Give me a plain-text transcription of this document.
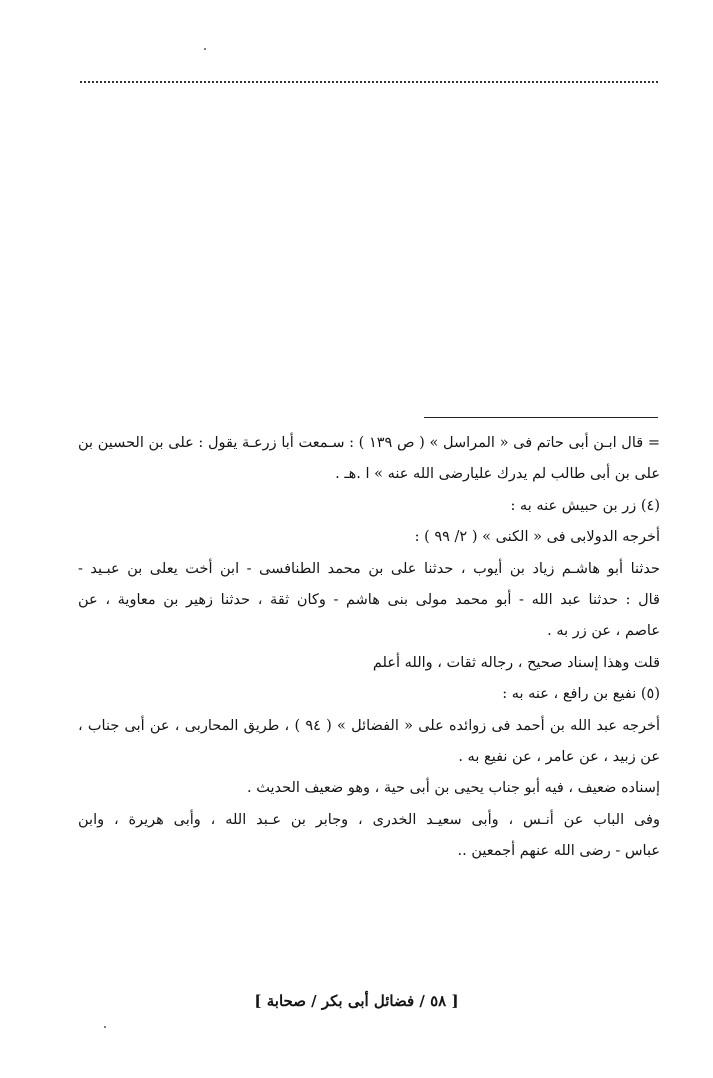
= قال ابـن أبى حاتم فى « المراسل » ( ص ١٣٩ ) : سـمعت أبا زرعـة يقول : على بن الحسين بن

على بن أبى طالب لم يدرك عليارضى الله عنه » ا .هـ .

(٤) زر بن حبيش عنه به :

أخرجه الدولابى فى « الكنى » ( ٢/ ٩٩ ) :

حدثنا أبو هاشـم زياد بن أيوب ، حدثنا على بن محمد الطنافسى - ابن أخت يعلى بن عبـيد -

قال : حدثنا عبد الله - أبو محمد مولى بنى هاشم - وكان ثقة ، حدثنا زهير بن معاوية ، عن

عاصم ، عن زر به .

قلت وهذا إسناد صحيح ، رجاله ثقات ، والله أعلم

(٥) نفيع بن رافع ، عنه به :

أخرجه عبد الله بن أحمد فى زوائده على « الفضائل » ( ٩٤ ) ، طريق المحاربى ، عن أبى جناب ،

عن زبيد ، عن عامر ، عن نفيع به .

إسناده ضعيف ، فيه أبو جناب يحيى بن أبى حية ، وهو ضعيف الحديث .

وفى الباب عن أنـس ، وأبى سعيـد الخدرى ، وجابر بن عـبد الله ، وأبى هريرة ، وابن

عباس - رضى الله عنهم أجمعين ..

[ ٥٨ / فضائل أبى بكر / صحابة ]
